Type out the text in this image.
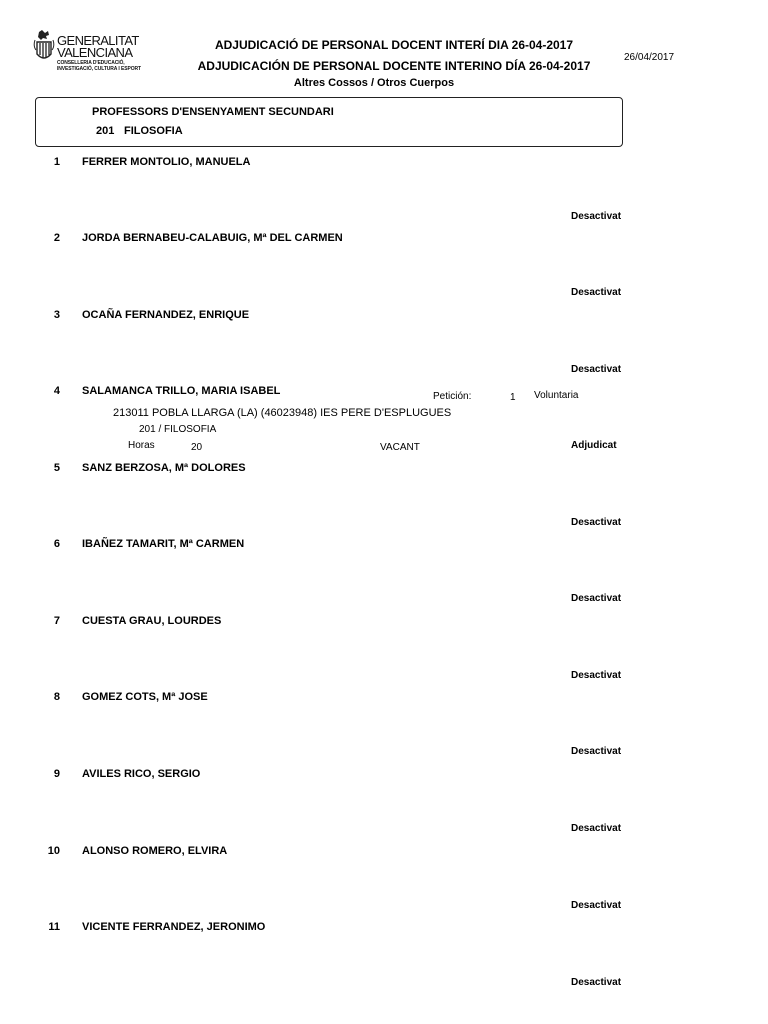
GENERALITAT
VALENCIANA
CONSELLERIA D'EDUCACIÓ, INVESTIGACIÓ, CULTURA I ESPORT
ADJUDICACIÓ DE PERSONAL DOCENT INTERÍ DIA 26-04-2017
ADJUDICACIÓN DE PERSONAL DOCENTE INTERINO DÍA 26-04-2017
Altres Cossos / Otros Cuerpos
26/04/2017
PROFESSORS D'ENSENYAMENT SECUNDARI
201 FILOSOFIA
1 FERRER MONTOLIO, MANUELA
Desactivat
2 JORDA BERNABEU-CALABUIG, Mª DEL CARMEN
Desactivat
3 OCAÑA FERNANDEZ, ENRIQUE
Desactivat
4 SALAMANCA TRILLO, MARIA ISABEL	Petición:	1 Voluntaria
213011 POBLA LLARGA (LA) (46023948) IES PERE D'ESPLUGUES
201 / FILOSOFIA
Horas	20	VACANT	Adjudicat
5 SANZ BERZOSA, Mª DOLORES
Desactivat
6 IBAÑEZ TAMARIT, Mª CARMEN
Desactivat
7 CUESTA GRAU, LOURDES
Desactivat
8 GOMEZ COTS, Mª JOSE
Desactivat
9 AVILES RICO, SERGIO
Desactivat
10 ALONSO ROMERO, ELVIRA
Desactivat
11 VICENTE FERRANDEZ, JERONIMO
Desactivat
